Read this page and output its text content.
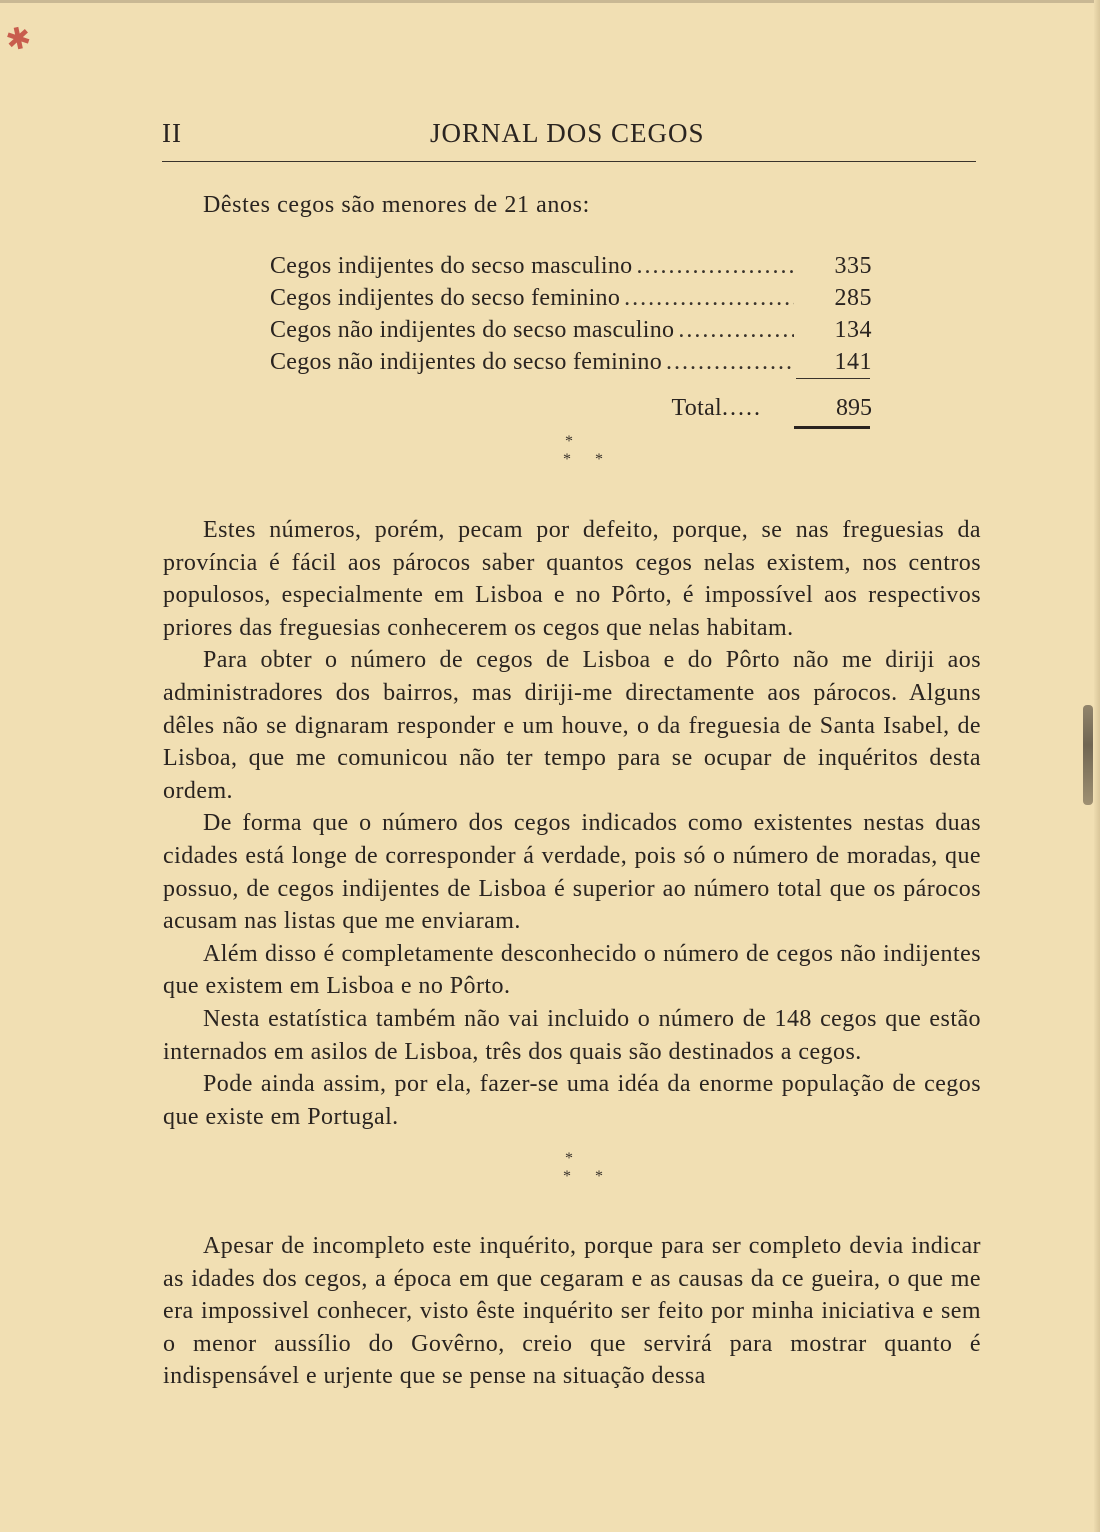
✱
II	JORNAL DOS CEGOS
Dêstes cegos são menores de 21 anos:
Cegos indijentes do secso masculino .....	335
Cegos indijentes do secso feminino .....	285
Cegos não indijentes do secso masculino .....	134
Cegos não indijentes do secso feminino .....	141
Total .....	895
*
**

Estes números, porém, pecam por defeito, porque, se nas freguesias da província é fácil aos párocos saber quantos cegos nelas existem, nos centros populosos, especialmente em Lisboa e no Pôrto, é impossível aos respectivos priores das freguesias conhecerem os cegos que nelas habitam.

Para obter o número de cegos de Lisboa e do Pôrto não me diriji aos administradores dos bairros, mas diriji-me directamente aos párocos. Alguns dêles não se dignaram responder e um houve, o da freguesia de Santa Isabel, de Lisboa, que me comunicou não ter tempo para se ocupar de inquéritos desta ordem.

De forma que o número dos cegos indicados como existentes nestas duas cidades está longe de corresponder á verdade, pois só o número de moradas, que possuo, de cegos indijentes de Lisboa é superior ao número total que os párocos acusam nas listas que me enviaram.

Além disso é completamente desconhecido o número de cegos não indijentes que existem em Lisboa e no Pôrto.

Nesta estatística também não vai incluido o número de 148 cegos que estão internados em asilos de Lisboa, três dos quais são destinados a cegos.

Pode ainda assim, por ela, fazer-se uma idéa da enorme população de cegos que existe em Portugal.

*
**

Apesar de incompleto este inquérito, porque para ser completo devia indicar as idades dos cegos, a época em que cegaram e as causas da ce gueira, o que me era impossivel conhecer, visto êste inquérito ser feito por minha iniciativa e sem o menor aussílio do Govêrno, creio que servirá para mostrar quanto é indispensável e urjente que se pense na situação dessa
